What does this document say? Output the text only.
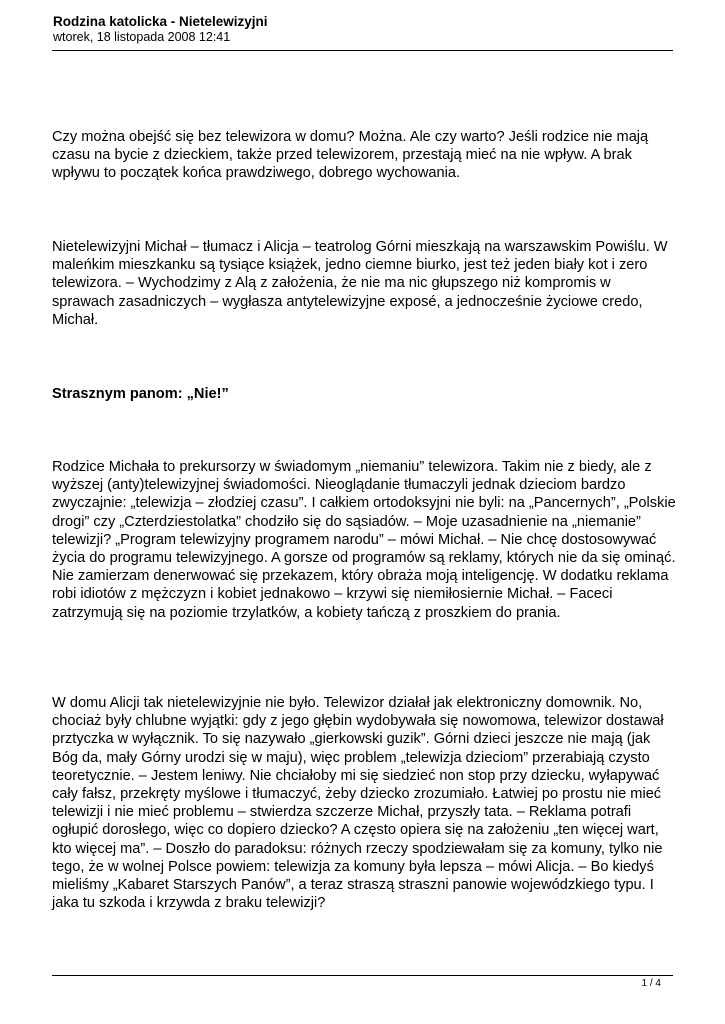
Rodzina katolicka - Nietelewizyjni

wtorek, 18 listopada 2008 12:41

Czy można obejść się bez telewizora w domu? Można. Ale czy warto? Jeśli rodzice nie mają czasu na bycie z dzieckiem, także przed telewizorem, przestają mieć na nie wpływ. A brak wpływu to początek końca prawdziwego, dobrego wychowania.

Nietelewizyjni Michał – tłumacz i Alicja – teatrolog Górni mieszkają na warszawskim Powiślu. W maleńkim mieszkanku są tysiące książek, jedno ciemne biurko, jest też jeden biały kot i zero telewizora. – Wychodzimy z Alą z założenia, że nie ma nic głupszego niż kompromis w sprawach zasadniczych – wygłasza antytelewizyjne exposé, a jednocześnie życiowe credo, Michał.

Strasznym panom: „Nie!”

Rodzice Michała to prekursorzy w świadomym „niemaniu” telewizora. Takim nie z biedy, ale z wyższej (anty)telewizyjnej świadomości. Nieoglądanie tłumaczyli jednak dzieciom bardzo zwyczajnie: „telewizja – złodziej czasu”. I całkiem ortodoksyjni nie byli: na „Pancernych”, „Polskie drogi” czy „Czterdziestolatka” chodziło się do sąsiadów. – Moje uzasadnienie na „niemanie” telewizji? „Program telewizyjny programem narodu” – mówi Michał. – Nie chcę dostosowywać życia do programu telewizyjnego. A gorsze od programów są reklamy, których nie da się ominąć. Nie zamierzam denerwować się przekazem, który obraża moją inteligencję. W dodatku reklama robi idiotów z mężczyzn i kobiet jednakowo – krzywi się niemiłosiernie Michał. – Faceci zatrzymują się na poziomie trzylatków, a kobiety tańczą z proszkiem do prania.

W domu Alicji tak nietelewizyjnie nie było. Telewizor działał jak elektroniczny domownik. No, chociaż były chlubne wyjątki: gdy z jego głębin wydobywała się nowomowa, telewizor dostawał prztyczka w wyłącznik. To się nazywało „gierkowski guzik”. Górni dzieci jeszcze nie mają (jak Bóg da, mały Górny urodzi się w maju), więc problem „telewizja dzieciom” przerabiają czysto teoretycznie. – Jestem leniwy. Nie chciałoby mi się siedzieć non stop przy dziecku, wyłapywać cały fałsz, przekręty myślowe i tłumaczyć, żeby dziecko zrozumiało. Łatwiej po prostu nie mieć telewizji i nie mieć problemu – stwierdza szczerze Michał, przyszły tata. – Reklama potrafi ogłupić dorosłego, więc co dopiero dziecko? A często opiera się na założeniu „ten więcej wart, kto więcej ma”. – Doszło do paradoksu: różnych rzeczy spodziewałam się za komuny, tylko nie tego, że w wolnej Polsce powiem: telewizja za komuny była lepsza – mówi Alicja. – Bo kiedyś mieliśmy „Kabaret Starszych Panów”, a teraz straszą straszni panowie wojewódzkiego typu. I jaka tu szkoda i krzywda z braku telewizji?

1 / 4
